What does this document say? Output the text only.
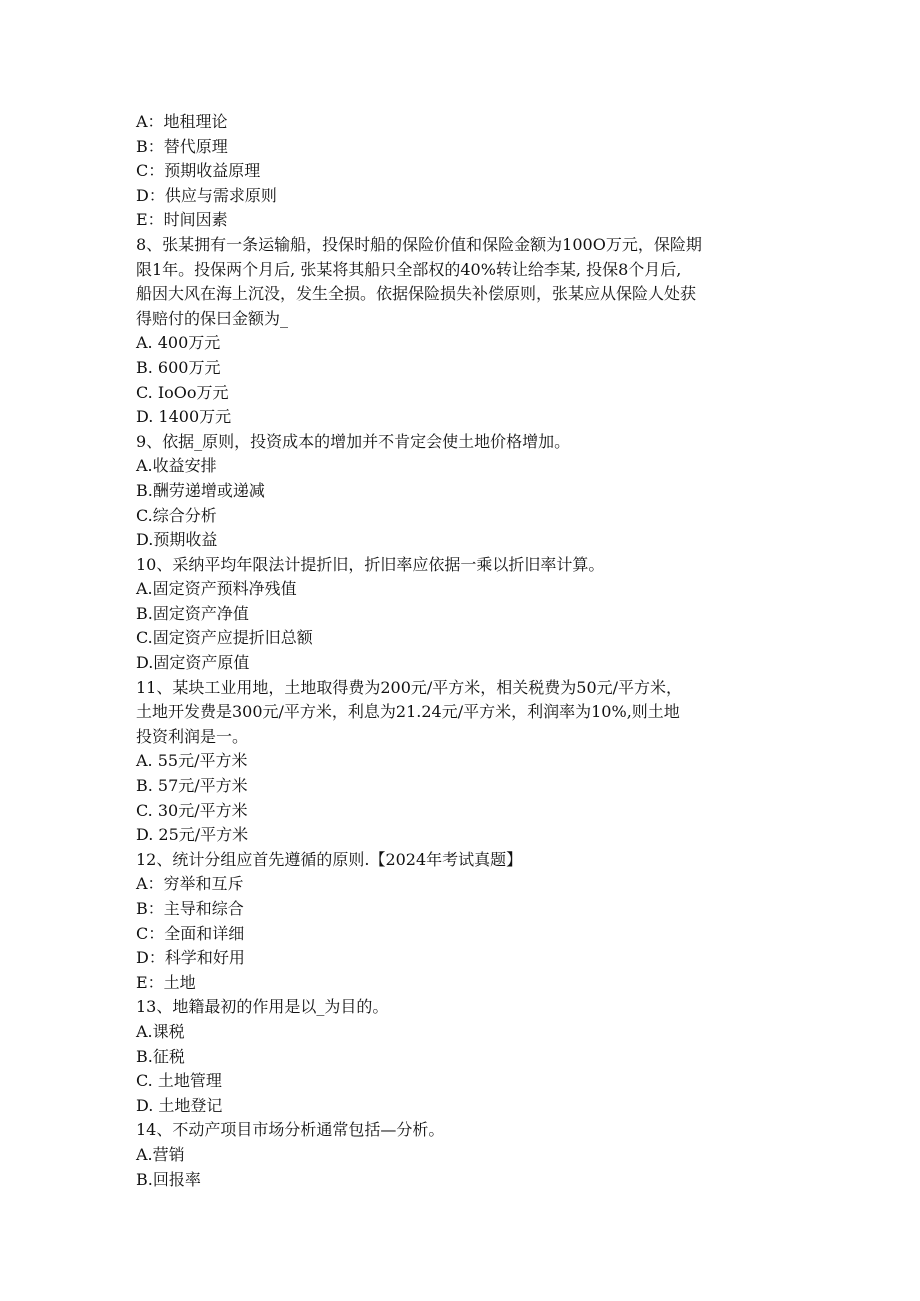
A：地租理论
B：替代原理
C：预期收益原理
D：供应与需求原则
E：时间因素
8、张某拥有一条运输船，投保时船的保险价值和保险金额为100O万元，保险期
限1年。投保两个月后, 张某将其船只全部权的40%转让给李某, 投保8个月后,
船因大风在海上沉没，发生全损。依据保险损失补偿原则，张某应从保险人处获
得赔付的保曰金额为_
A. 400万元
B. 600万元
C. IoOo万元
D. 1400万元
9、依据_原则，投资成本的增加并不肯定会使土地价格增加。
A.收益安排
B.酬劳递增或递减
C.综合分析
D.预期收益
10、采纳平均年限法计提折旧，折旧率应依据一乘以折旧率计算。
A.固定资产预料净残值
B.固定资产净值
C.固定资产应提折旧总额
D.固定资产原值
11、某块工业用地，土地取得费为200元/平方米，相关税费为50元/平方米，
土地开发费是300元/平方米，利息为21.24元/平方米，利润率为10%,则土地
投资利润是一。
A. 55元/平方米
B. 57元/平方米
C. 30元/平方米
D. 25元/平方米
12、统计分组应首先遵循的原则.【2024年考试真题】
A：穷举和互斥
B：主导和综合
C：全面和详细
D：科学和好用
E：土地
13、地籍最初的作用是以_为目的。
A.课税
B.征税
C. 土地管理
D. 土地登记
14、不动产项目市场分析通常包括—分析。
A.营销
B.回报率
